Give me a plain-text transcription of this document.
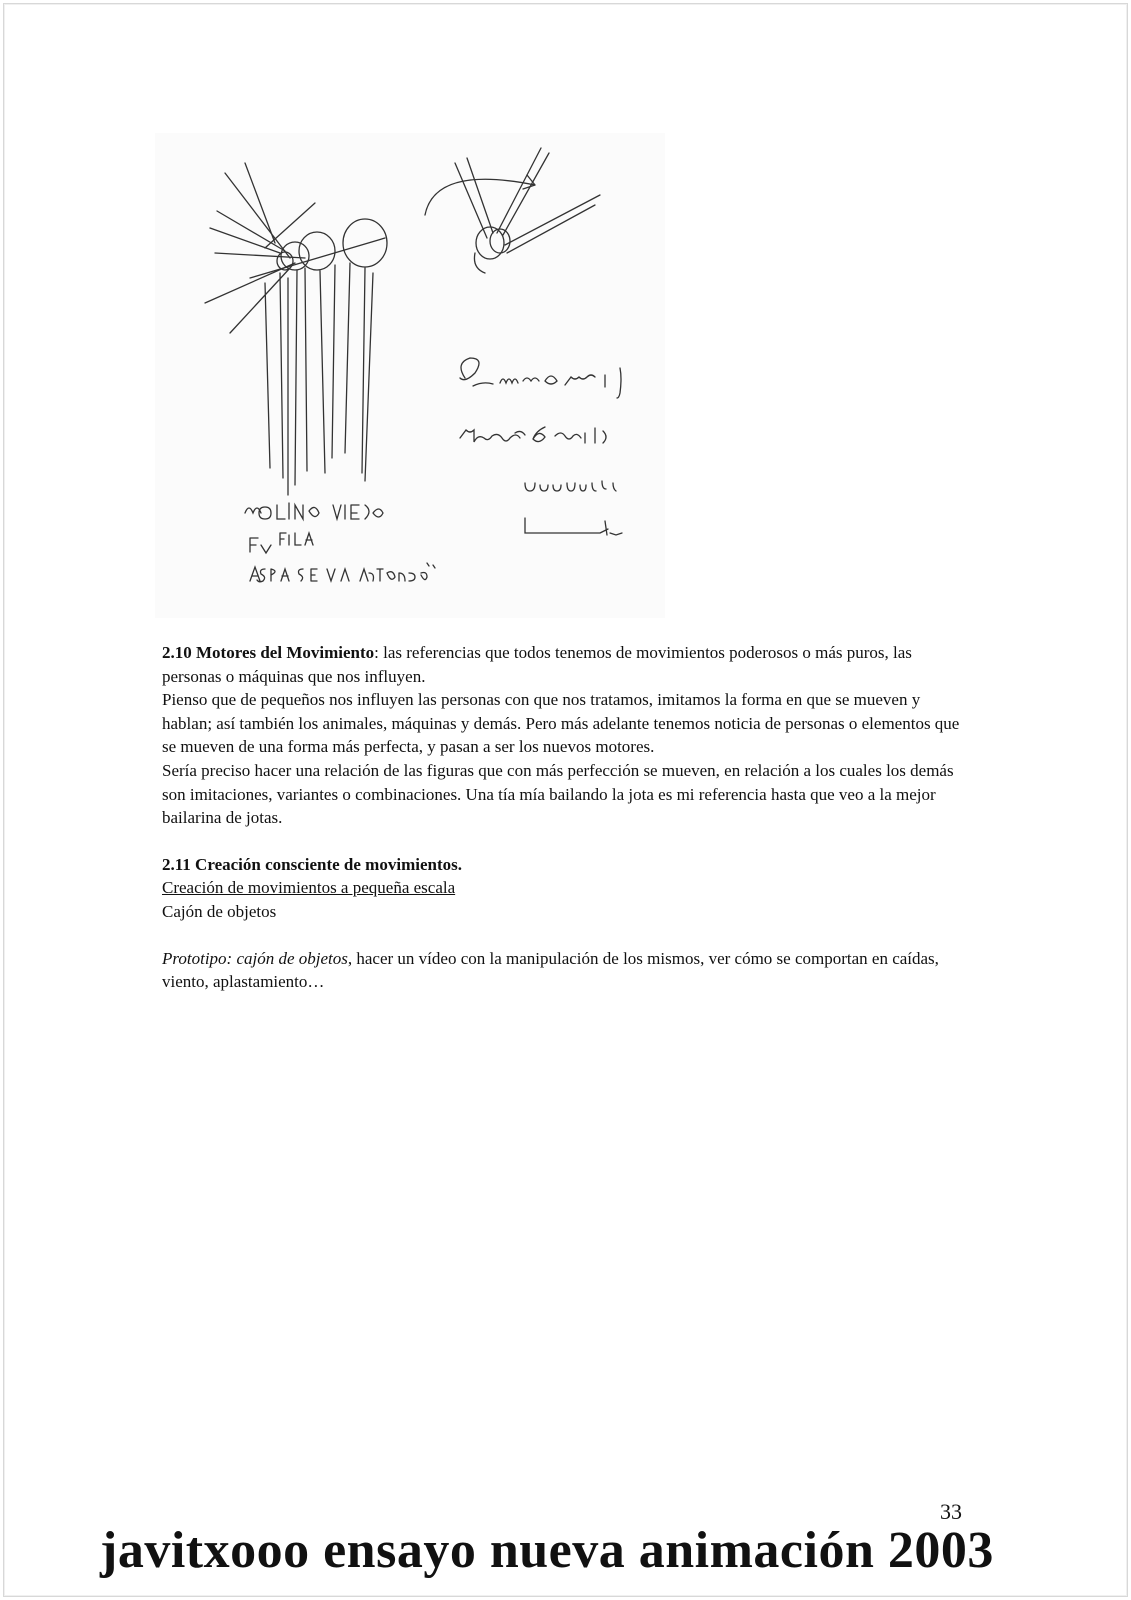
2.10 Motores del Movimiento: las referencias que todos tenemos de movimientos poderosos o más puros, las personas o máquinas que nos influyen.

Pienso que de pequeños nos influyen las personas con que nos tratamos, imitamos la forma en que se mueven y hablan; así también los animales, máquinas y demás. Pero más adelante tenemos noticia de personas o elementos que se mueven de una forma más perfecta, y pasan a ser los nuevos motores.

Sería preciso hacer una relación de las figuras que con más perfección se mueven, en relación a los cuales los demás son imitaciones, variantes o combinaciones. Una tía mía bailando la jota es mi referencia hasta que veo a la mejor bailarina de jotas.

2.11 Creación consciente de movimientos.

Creación de movimientos a pequeña escala

Cajón de objetos

Prototipo: cajón de objetos, hacer un vídeo con la manipulación de los mismos, ver cómo se comportan en caídas, viento, aplastamiento…

33
javitxooo ensayo nueva animación 2003
